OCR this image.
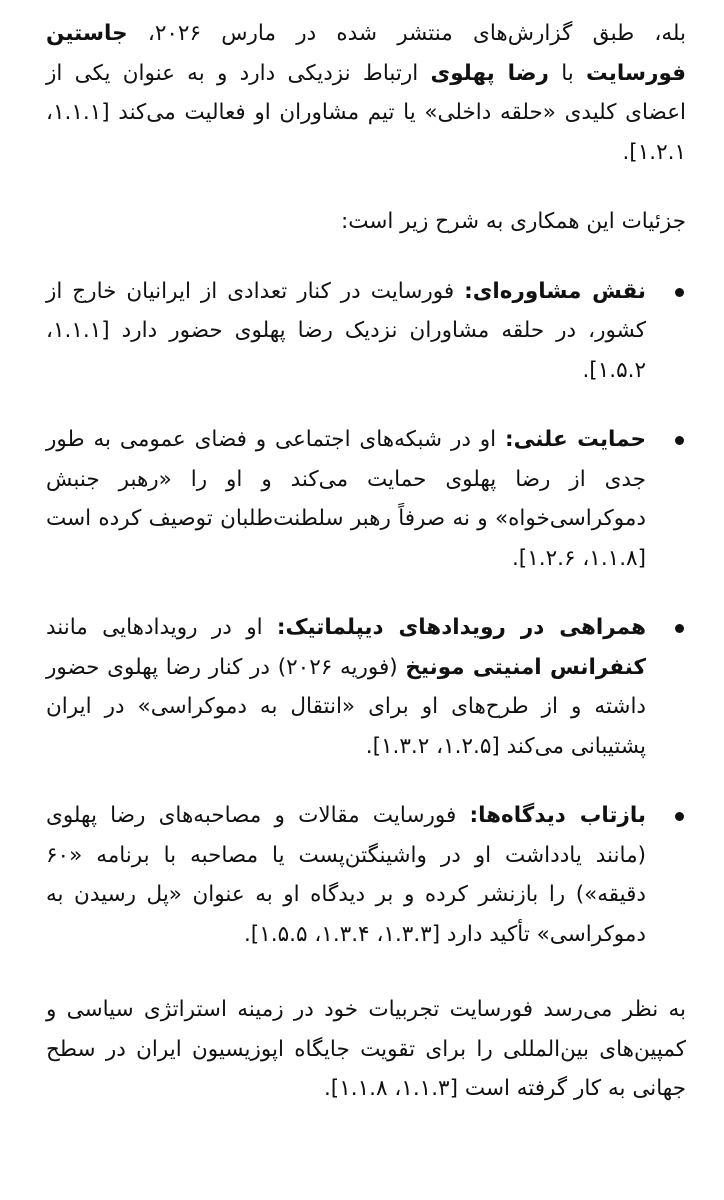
بله، طبق گزارش‌های منتشر شده در مارس ۲۰۲۶، جاستین فورسایت با رضا پهلوی ارتباط نزدیکی دارد و به عنوان یکی از اعضای کلیدی «حلقه داخلی» یا تیم مشاوران او فعالیت می‌کند [۱.۱.۱، ۱.۲.۱].

جزئیات این همکاری به شرح زیر است:

نقش مشاوره‌ای: فورسایت در کنار تعدادی از ایرانیان خارج از کشور، در حلقه مشاوران نزدیک رضا پهلوی حضور دارد [۱.۱.۱، ۱.۵.۲].
حمایت علنی: او در شبکه‌های اجتماعی و فضای عمومی به طور جدی از رضا پهلوی حمایت می‌کند و او را «رهبر جنبش دموکراسی‌خواه» و نه صرفاً رهبر سلطنت‌طلبان توصیف کرده است [۱.۱.۸، ۱.۲.۶].
همراهی در رویدادهای دیپلماتیک: او در رویدادهایی مانند کنفرانس امنیتی مونیخ (فوریه ۲۰۲۶) در کنار رضا پهلوی حضور داشته و از طرح‌های او برای «انتقال به دموکراسی» در ایران پشتیبانی می‌کند [۱.۲.۵، ۱.۳.۲].
بازتاب دیدگاه‌ها: فورسایت مقالات و مصاحبه‌های رضا پهلوی (مانند یادداشت او در واشینگتن‌پست یا مصاحبه با برنامه «۶۰ دقیقه») را بازنشر کرده و بر دیدگاه او به عنوان «پل رسیدن به دموکراسی» تأکید دارد [۱.۳.۳، ۱.۳.۴، ۱.۵.۵].

به نظر می‌رسد فورسایت تجربیات خود در زمینه استراتژی سیاسی و کمپین‌های بین‌المللی را برای تقویت جایگاه اپوزیسیون ایران در سطح جهانی به کار گرفته است [۱.۱.۳، ۱.۱.۸].
